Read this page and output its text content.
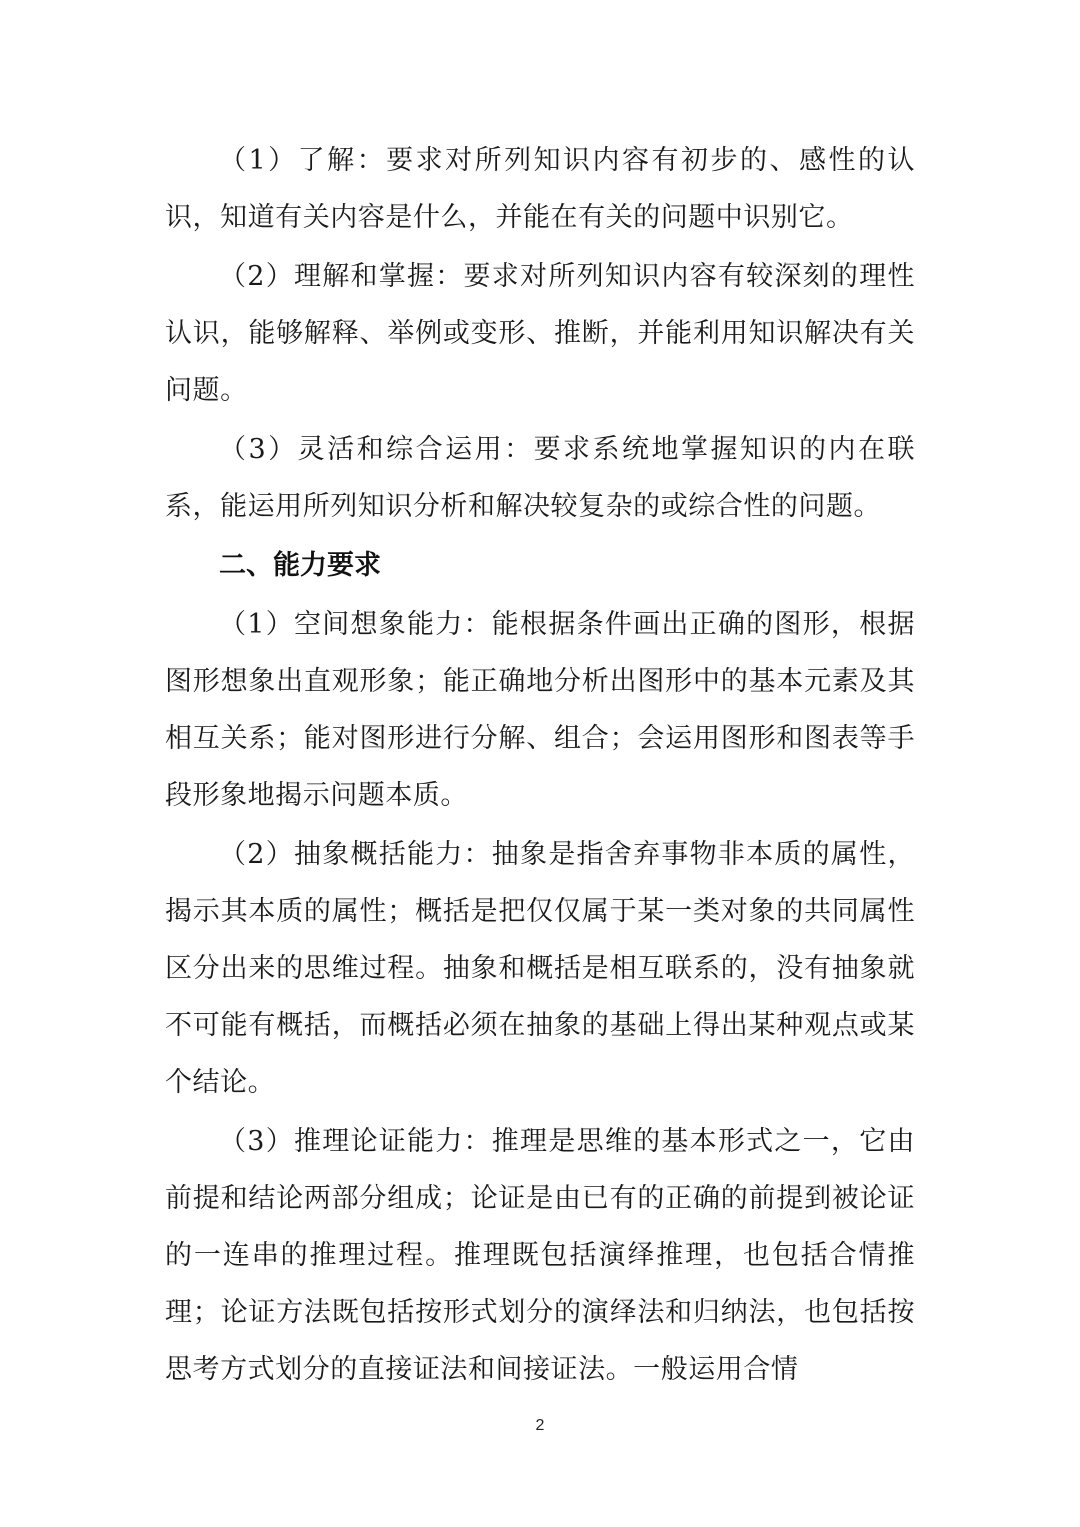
（1）了解：要求对所列知识内容有初步的、感性的认识，知道有关内容是什么，并能在有关的问题中识别它。

（2）理解和掌握：要求对所列知识内容有较深刻的理性认识，能够解释、举例或变形、推断，并能利用知识解决有关问题。

（3）灵活和综合运用：要求系统地掌握知识的内在联系，能运用所列知识分析和解决较复杂的或综合性的问题。

二、能力要求

（1）空间想象能力：能根据条件画出正确的图形，根据图形想象出直观形象；能正确地分析出图形中的基本元素及其相互关系；能对图形进行分解、组合；会运用图形和图表等手段形象地揭示问题本质。

（2）抽象概括能力：抽象是指舍弃事物非本质的属性，揭示其本质的属性；概括是把仅仅属于某一类对象的共同属性区分出来的思维过程。抽象和概括是相互联系的，没有抽象就不可能有概括，而概括必须在抽象的基础上得出某种观点或某个结论。

（3）推理论证能力：推理是思维的基本形式之一，它由前提和结论两部分组成；论证是由已有的正确的前提到被论证的一连串的推理过程。推理既包括演绎推理，也包括合情推理；论证方法既包括按形式划分的演绎法和归纳法，也包括按思考方式划分的直接证法和间接证法。一般运用合情

2
